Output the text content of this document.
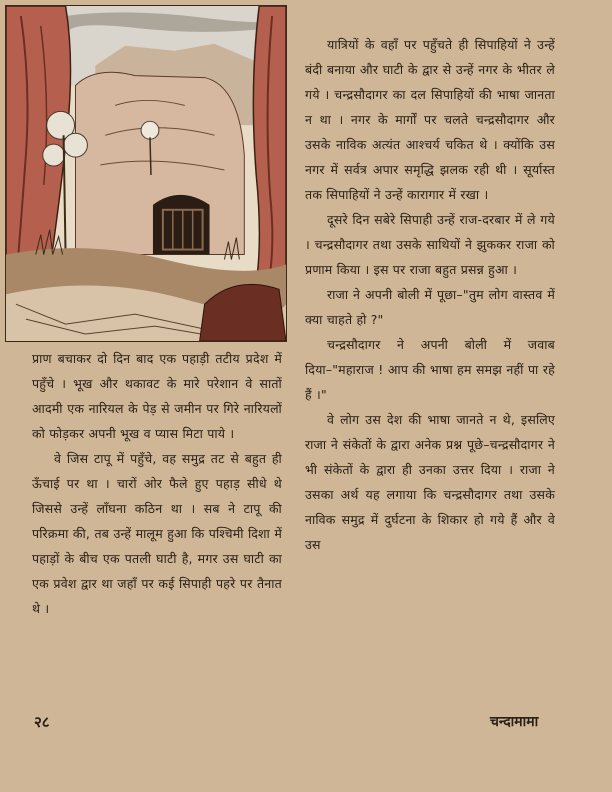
प्राण बचाकर दो दिन बाद एक पहाड़ी तटीय प्रदेश में पहुँचे । भूख और थकावट के मारे परेशान वे सातों आदमी एक नारियल के पेड़ से जमीन पर गिरे नारियलों को फोड़कर अपनी भूख व प्यास मिटा पाये ।

वे जिस टापू में पहुँचे, वह समुद्र तट से बहुत ही ऊँचाई पर था । चारों ओर फैले हुए पहाड़ सीधे थे जिससे उन्हें लाँघना कठिन था । सब ने टापू की परिक्रमा की, तब उन्हें मालूम हुआ कि पश्चिमी दिशा में पहाड़ों के बीच एक पतली घाटी है, मगर उस घाटी का एक प्रवेश द्वार था जहाँ पर कई सिपाही पहरे पर तैनात थे ।

यात्रियों के वहाँ पर पहुँचते ही सिपाहियों ने उन्हें बंदी बनाया और घाटी के द्वार से उन्हें नगर के भीतर ले गये । चन्द्रसौदागर का दल सिपाहियों की भाषा जानता न था । नगर के मार्गों पर चलते चन्द्रसौदागर और उसके नाविक अत्यंत आश्चर्य चकित थे । क्योंकि उस नगर में सर्वत्र अपार समृद्धि झलक रही थी । सूर्यास्त तक सिपाहियों ने उन्हें कारागार में रखा ।

दूसरे दिन सबेरे सिपाही उन्हें राज-दरबार में ले गये । चन्द्रसौदागर तथा उसके साथियों ने झुककर राजा को प्रणाम किया । इस पर राजा बहुत प्रसन्न हुआ ।

राजा ने अपनी बोली में पूछा–"तुम लोग वास्तव में क्या चाहते हो ?"

चन्द्रसौदागर ने अपनी बोली में जवाब दिया–"महाराज ! आप की भाषा हम समझ नहीं पा रहे हैं ।"

वे लोग उस देश की भाषा जानते न थे, इसलिए राजा ने संकेतों के द्वारा अनेक प्रश्न पूछे–चन्द्रसौदागर ने भी संकेतों के द्वारा ही उनका उत्तर दिया । राजा ने उसका अर्थ यह लगाया कि चन्द्रसौदागर तथा उसके नाविक समुद्र में दुर्घटना के शिकार हो गये हैं और वे उस

२८	चन्दामामा
